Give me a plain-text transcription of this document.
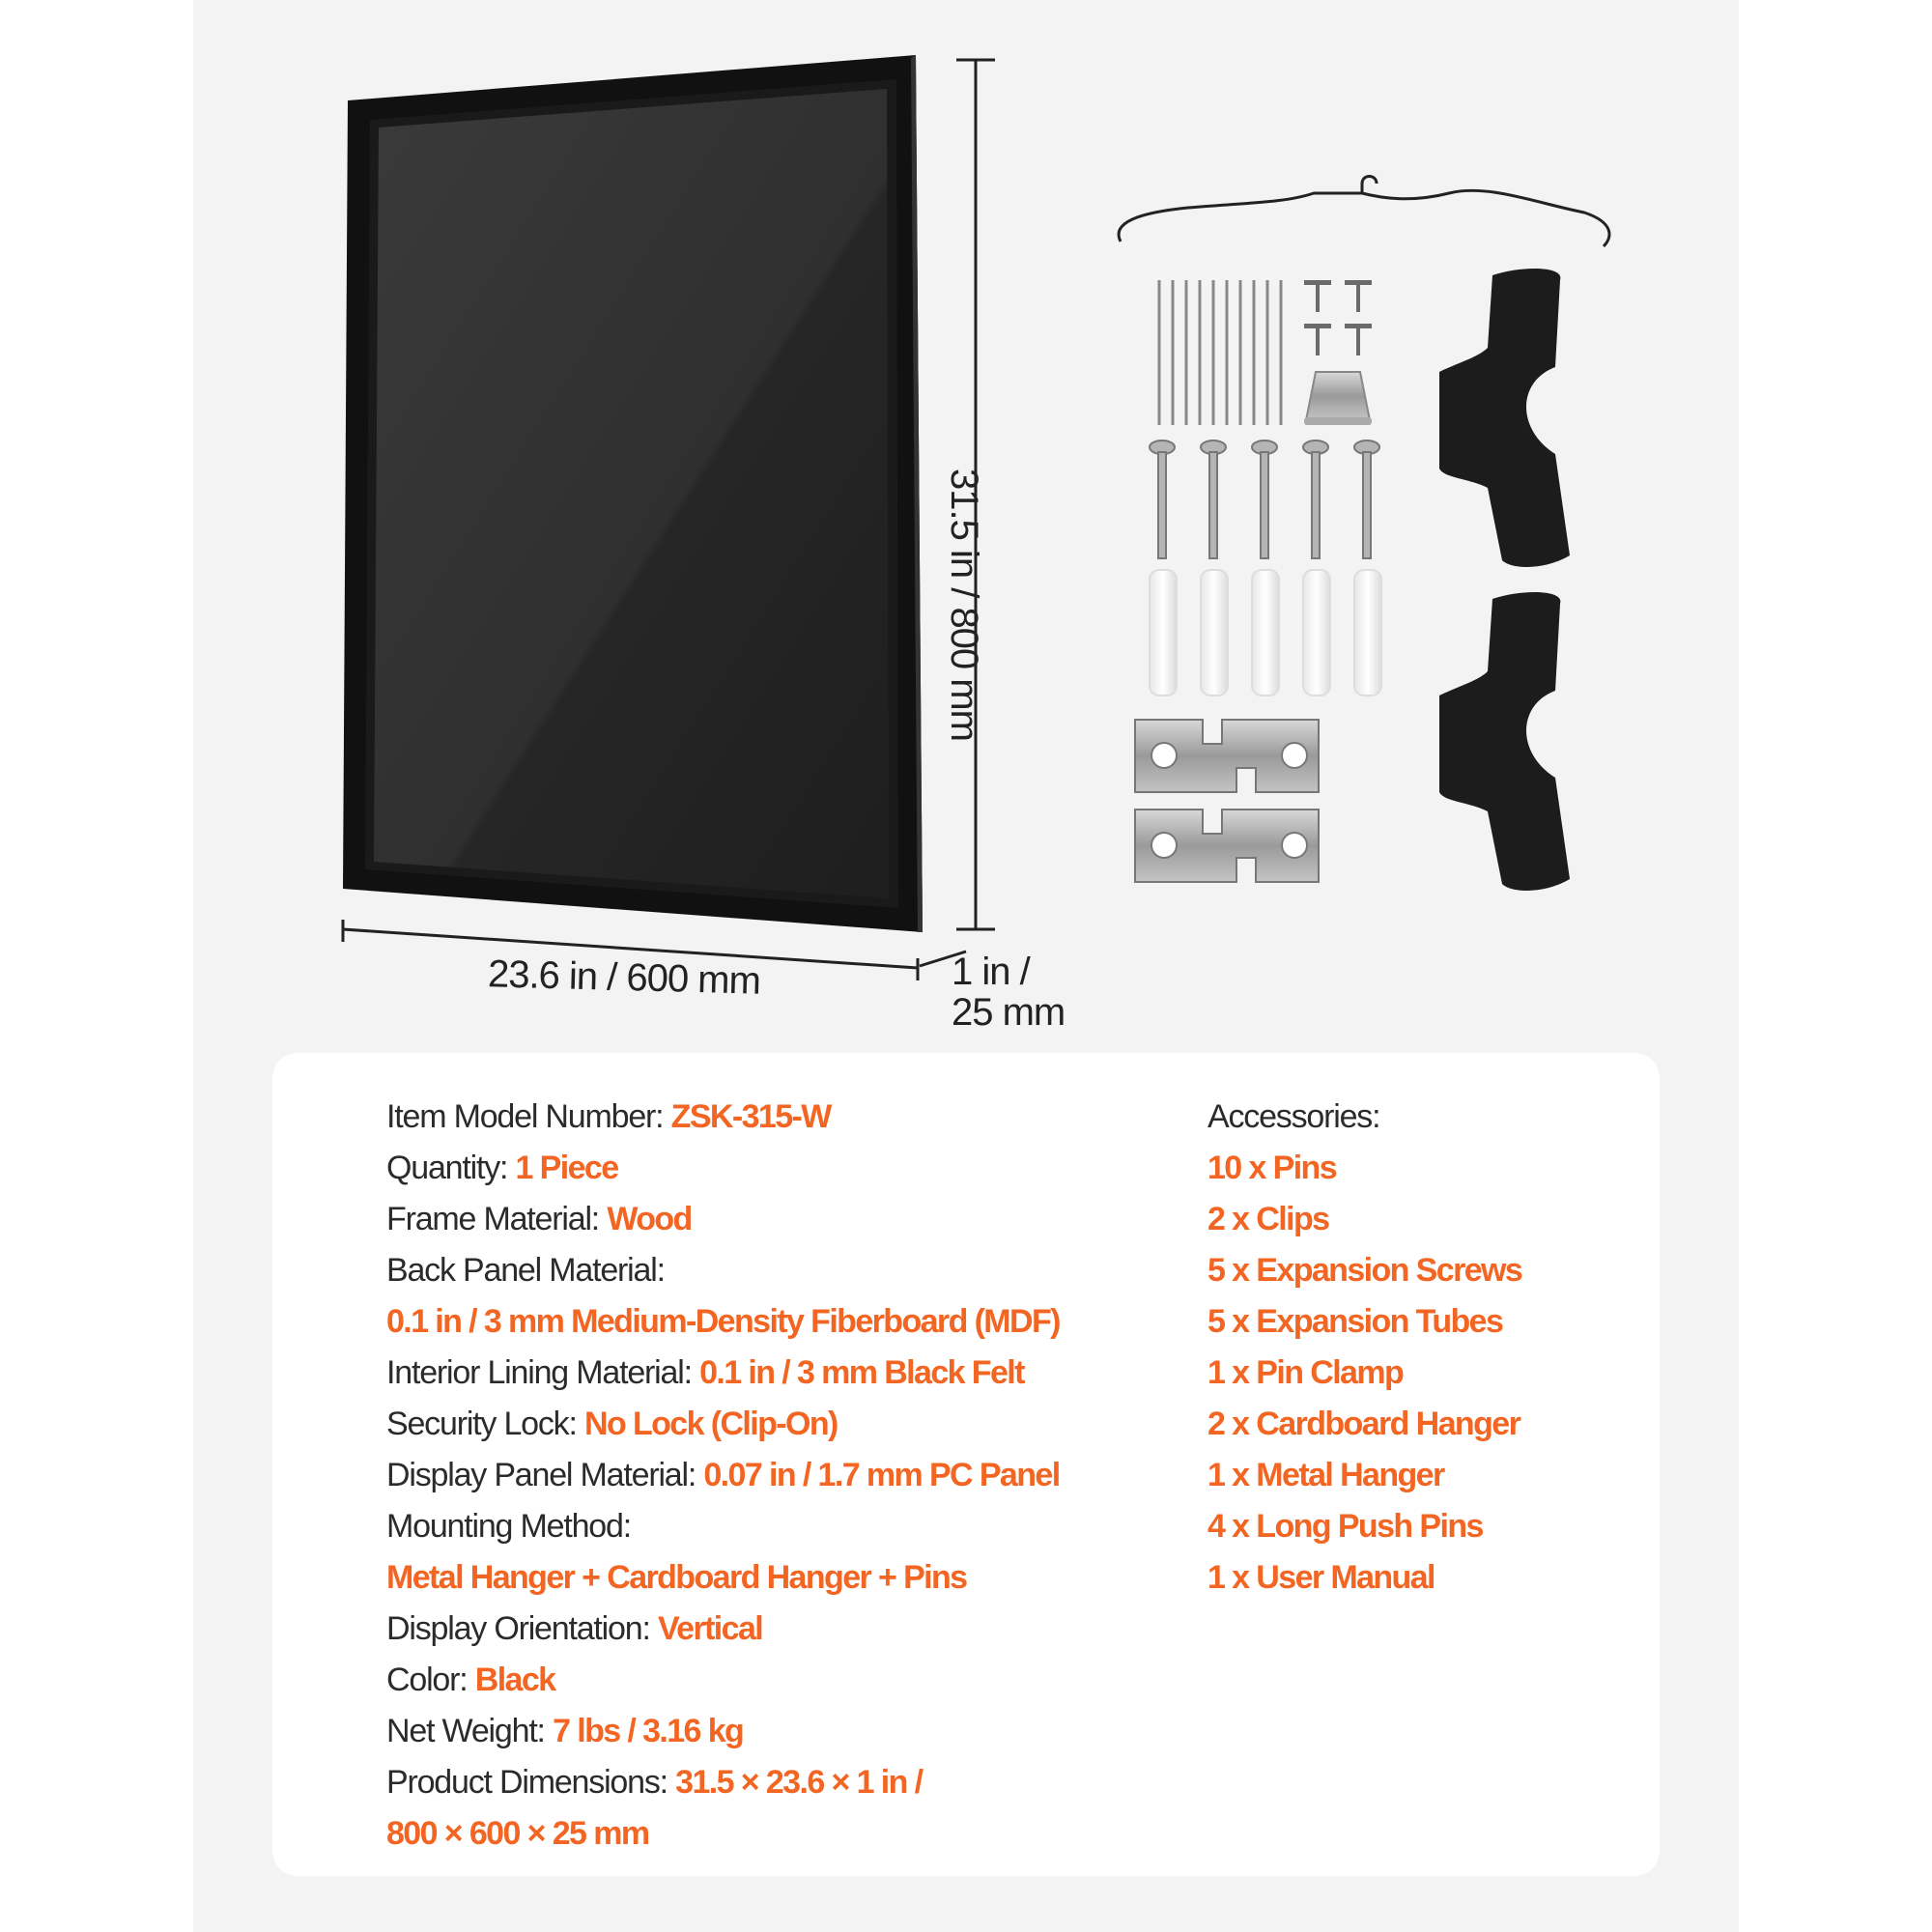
23.6 in / 600 mm
31.5 in / 800 mm
1 in /
25 mm
Item Model Number: ZSK-315-W
Quantity: 1 Piece
Frame Material: Wood
Back Panel Material:
0.1 in / 3 mm Medium-Density Fiberboard (MDF)
Interior Lining Material: 0.1 in / 3 mm Black Felt
Security Lock: No Lock (Clip-On)
Display Panel Material: 0.07 in / 1.7 mm PC Panel
Mounting Method:
Metal Hanger + Cardboard Hanger + Pins
Display Orientation: Vertical
Color: Black
Net Weight: 7 lbs / 3.16 kg
Product Dimensions: 31.5 × 23.6 × 1 in /
800 × 600 × 25 mm
Accessories:
10 x Pins
2 x Clips
5 x Expansion Screws
5 x Expansion Tubes
1 x Pin Clamp
2 x Cardboard Hanger
1 x Metal Hanger
4 x Long Push Pins
1 x User Manual
